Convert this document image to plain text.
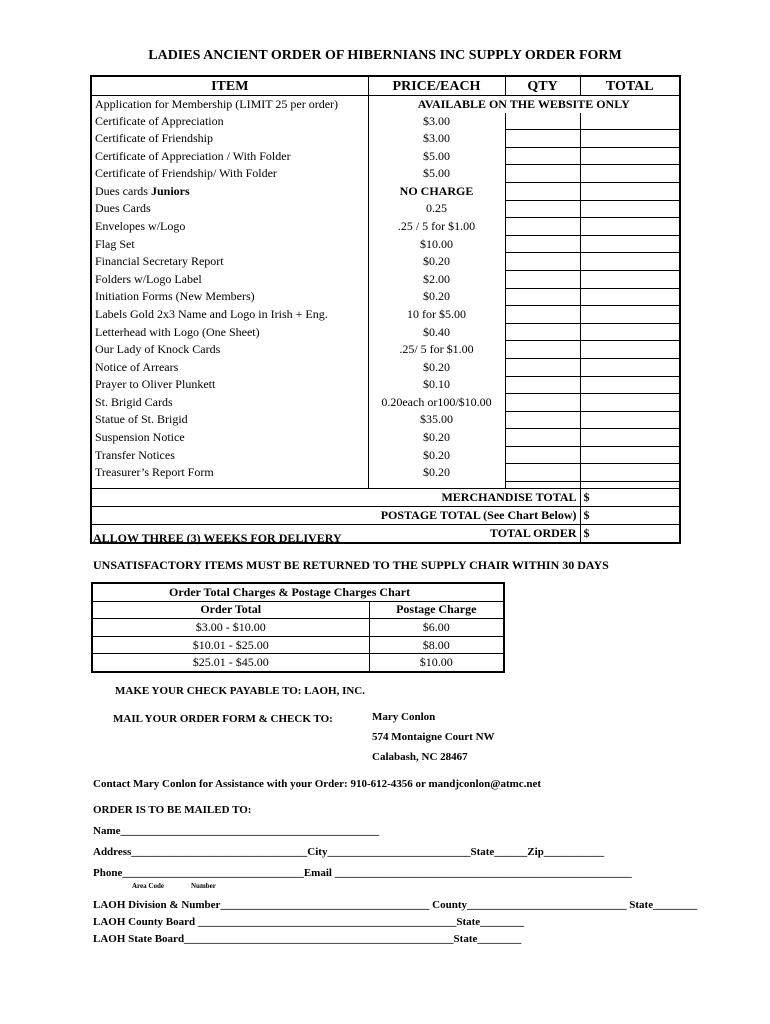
LADIES ANCIENT ORDER OF HIBERNIANS INC SUPPLY ORDER FORM
ITEM	PRICE/EACH	QTY	TOTAL
Application for Membership (LIMIT 25 per order)	AVAILABLE ON THE WEBSITE ONLY		
Certificate of Appreciation	$3.00		
Certificate of Friendship	$3.00		
Certificate of Appreciation / With Folder	$5.00		
Certificate of Friendship/ With Folder	$5.00		
Dues cards Juniors	NO CHARGE		
Dues Cards	0.25		
Envelopes w/Logo	.25 / 5 for $1.00		
Flag Set	$10.00		
Financial Secretary Report	$0.20		
Folders w/Logo Label	$2.00		
Initiation Forms (New Members)	$0.20		
Labels Gold 2x3 Name and Logo in Irish + Eng.	10 for $5.00		
Letterhead with Logo (One Sheet)	$0.40		
Our Lady of Knock Cards	.25/ 5 for $1.00		
Notice of Arrears	$0.20		
Prayer to Oliver Plunkett	$0.10		
St. Brigid Cards	0.20each or100/$10.00		
Statue of St. Brigid	$35.00		
Suspension Notice	$0.20		
Transfer Notices	$0.20		
Treasurer’s Report Form	$0.20		

MERCHANDISE TOTAL			$
POSTAGE TOTAL (See Chart Below)			$
TOTAL ORDER			$
ALLOW THREE (3) WEEKS FOR DELIVERY
UNSATISFACTORY ITEMS MUST BE RETURNED TO THE SUPPLY CHAIR WITHIN 30 DAYS
Order Total Charges & Postage Charges Chart	
Order Total	Postage Charge
$3.00 - $10.00	$6.00
$10.01 - $25.00	$8.00
$25.01 - $45.00	$10.00
MAKE YOUR CHECK PAYABLE TO: LAOH, INC.
MAIL YOUR ORDER FORM & CHECK TO:	Mary Conlon
574 Montaigne Court NW
Calabash, NC 28467
Contact Mary Conlon for Assistance with your Order: 910-612-4356 or mandjconlon@atmc.net
ORDER IS TO BE MAILED TO:
Name_______________________________________________
Address________________________________City__________________________State______Zip___________
Phone_________________________________Email ______________________________________________________
Area Code	Number
LAOH Division & Number______________________________________ County_____________________________ State________
LAOH County Board _______________________________________________State________
LAOH State Board_________________________________________________State________
